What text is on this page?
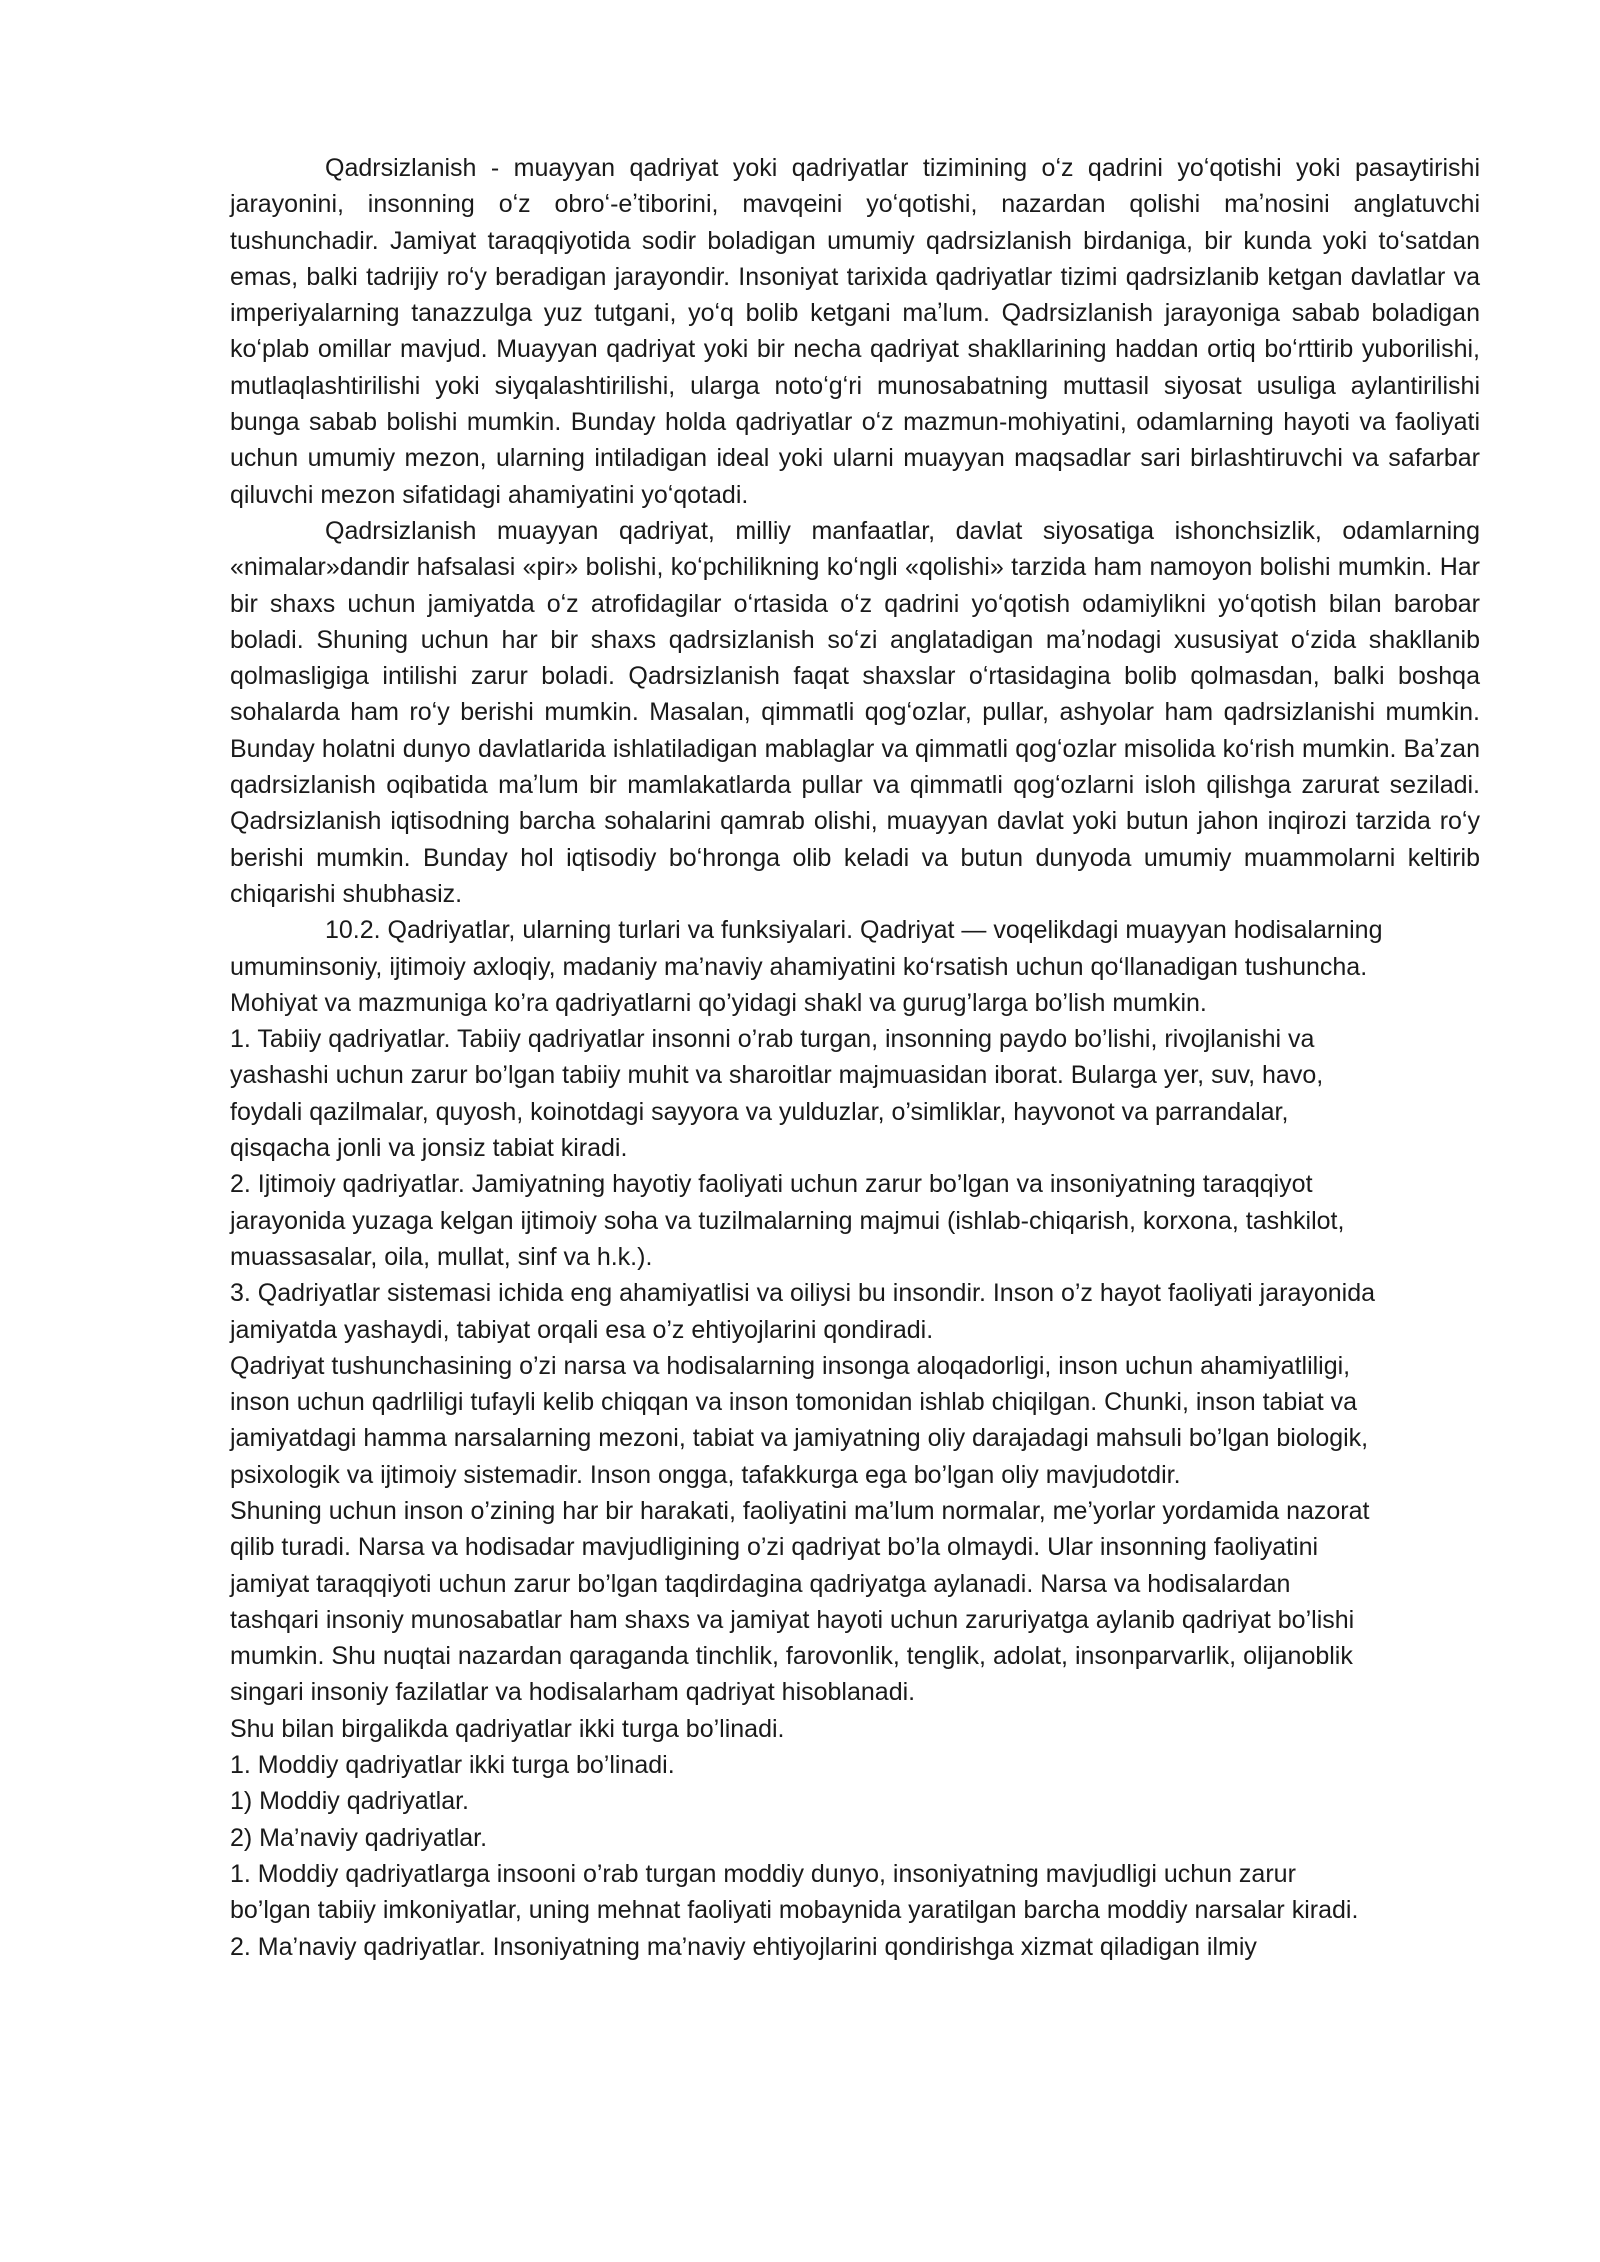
Qadrsizlanish - muayyan qadriyat yoki qadriyatlar tizimining oʻz qadrini yoʻqotishi yoki pasaytirishi jarayonini, insonning oʻz obroʻ-eʼtiborini, mavqeini yoʻqotishi, nazardan qolishi maʼnosini anglatuvchi tushunchadir. Jamiyat taraqqiyotida sodir boladigan umumiy qadrsizlanish birdaniga, bir kunda yoki toʻsatdan emas, balki tadrijiy roʻy beradigan jarayondir. Insoniyat tarixida qadriyatlar tizimi qadrsizlanib ketgan davlatlar va imperiyalarning tanazzulga yuz tutgani, yoʻq bolib ketgani maʼlum. Qadrsizlanish jarayoniga sabab boladigan koʻplab omillar mavjud. Muayyan qadriyat yoki bir necha qadriyat shakllarining haddan ortiq boʻrttirib yuborilishi, mutlaqlashtirilishi yoki siyqalashtirilishi, ularga notoʻgʻri munosabatning muttasil siyosat usuliga aylantirilishi bunga sabab bolishi mumkin. Bunday holda qadriyatlar oʻz mazmun-mohiyatini, odamlarning hayoti va faoliyati uchun umumiy mezon, ularning intiladigan ideal yoki ularni muayyan maqsadlar sari birlashtiruvchi va safarbar qiluvchi mezon sifatidagi ahamiyatini yoʻqotadi.

Qadrsizlanish muayyan qadriyat, milliy manfaatlar, davlat siyosatiga ishonchsizlik, odamlarning «nimalar»dandir hafsalasi «pir» bolishi, koʻpchilikning koʻngli «qolishi» tarzida ham namoyon bolishi mumkin. Har bir shaxs uchun jamiyatda oʻz atrofidagilar oʻrtasida oʻz qadrini yoʻqotish odamiylikni yoʻqotish bilan barobar boladi. Shuning uchun har bir shaxs qadrsizlanish soʻzi anglatadigan maʼnodagi xususiyat oʻzida shakllanib qolmasligiga intilishi zarur boladi. Qadrsizlanish faqat shaxslar oʻrtasidagina bolib qolmasdan, balki boshqa sohalarda ham roʻy berishi mumkin. Masalan, qimmatli qogʻozlar, pullar, ashyolar ham qadrsizlanishi mumkin. Bunday holatni dunyo davlatlarida ishlatiladigan mablaglar va qimmatli qogʻozlar misolida koʻrish mumkin. Baʼzan qadrsizlanish oqibatida maʼlum bir mamlakatlarda pullar va qimmatli qogʻozlarni isloh qilishga zarurat seziladi. Qadrsizlanish iqtisodning barcha sohalarini qamrab olishi, muayyan davlat yoki butun jahon inqirozi tarzida roʻy berishi mumkin. Bunday hol iqtisodiy boʻhronga olib keladi va butun dunyoda umumiy muammolarni keltirib chiqarishi shubhasiz.

10.2. Qadriyatlar, ularning turlari va funksiyalari. Qadriyat — voqelikdagi muayyan hodisalarning

umuminsoniy, ijtimoiy axloqiy, madaniy ma’naviy ahamiyatini ko‘rsatish uchun qo‘llanadigan tushuncha.

Mohiyat va mazmuniga ko’ra qadriyatlarni qo’yidagi shakl va gurug’larga bo’lish mumkin.

1. Tabiiy qadriyatlar. Tabiiy qadriyatlar insonni o’rab turgan, insonning paydo bo’lishi, rivojlanishi va

yashashi uchun zarur bo’lgan tabiiy muhit va sharoitlar majmuasidan iborat. Bularga yer, suv, havo,

foydali qazilmalar, quyosh, koinotdagi sayyora va yulduzlar, o’simliklar, hayvonot va parrandalar,

qisqacha jonli va jonsiz tabiat kiradi.

2. Ijtimoiy qadriyatlar. Jamiyatning hayotiy faoliyati uchun zarur bo’lgan va insoniyatning taraqqiyot

jarayonida yuzaga kelgan ijtimoiy soha va tuzilmalarning majmui (ishlab-chiqarish, korxona, tashkilot,

muassasalar, oila, mullat, sinf va h.k.).

3. Qadriyatlar sistemasi ichida eng ahamiyatlisi va oiliysi bu insondir. Inson o’z hayot faoliyati jarayonida

jamiyatda yashaydi, tabiyat orqali esa o’z ehtiyojlarini qondiradi.

Qadriyat tushunchasining o’zi narsa va hodisalarning insonga aloqadorligi, inson uchun ahamiyatliligi,

inson uchun qadrliligi tufayli kelib chiqqan va inson tomonidan ishlab chiqilgan. Chunki, inson tabiat va

jamiyatdagi hamma narsalarning mezoni, tabiat va jamiyatning oliy darajadagi mahsuli bo’lgan biologik,

psixologik va ijtimoiy sistemadir. Inson ongga, tafakkurga ega bo’lgan oliy mavjudotdir.

Shuning uchun inson o’zining har bir harakati, faoliyatini ma’lum normalar, me’yorlar yordamida nazorat

qilib turadi. Narsa va hodisadar mavjudligining o’zi qadriyat bo’la olmaydi. Ular insonning faoliyatini

jamiyat taraqqiyoti uchun zarur bo’lgan taqdirdagina qadriyatga aylanadi. Narsa va hodisalardan

tashqari insoniy munosabatlar ham shaxs va jamiyat hayoti uchun zaruriyatga aylanib qadriyat bo’lishi

mumkin. Shu nuqtai nazardan qaraganda tinchlik, farovonlik, tenglik, adolat, insonparvarlik, olijanoblik

singari insoniy fazilatlar va hodisalarham qadriyat hisoblanadi.

Shu bilan birgalikda qadriyatlar ikki turga bo’linadi.

1. Moddiy qadriyatlar ikki turga bo’linadi.

1) Moddiy qadriyatlar.

2) Ma’naviy qadriyatlar.

1. Moddiy qadriyatlarga insooni o’rab turgan moddiy dunyo, insoniyatning mavjudligi uchun zarur

bo’lgan tabiiy imkoniyatlar, uning mehnat faoliyati mobaynida yaratilgan barcha moddiy narsalar kiradi.

2. Ma’naviy qadriyatlar. Insoniyatning ma’naviy ehtiyojlarini qondirishga xizmat qiladigan ilmiy
